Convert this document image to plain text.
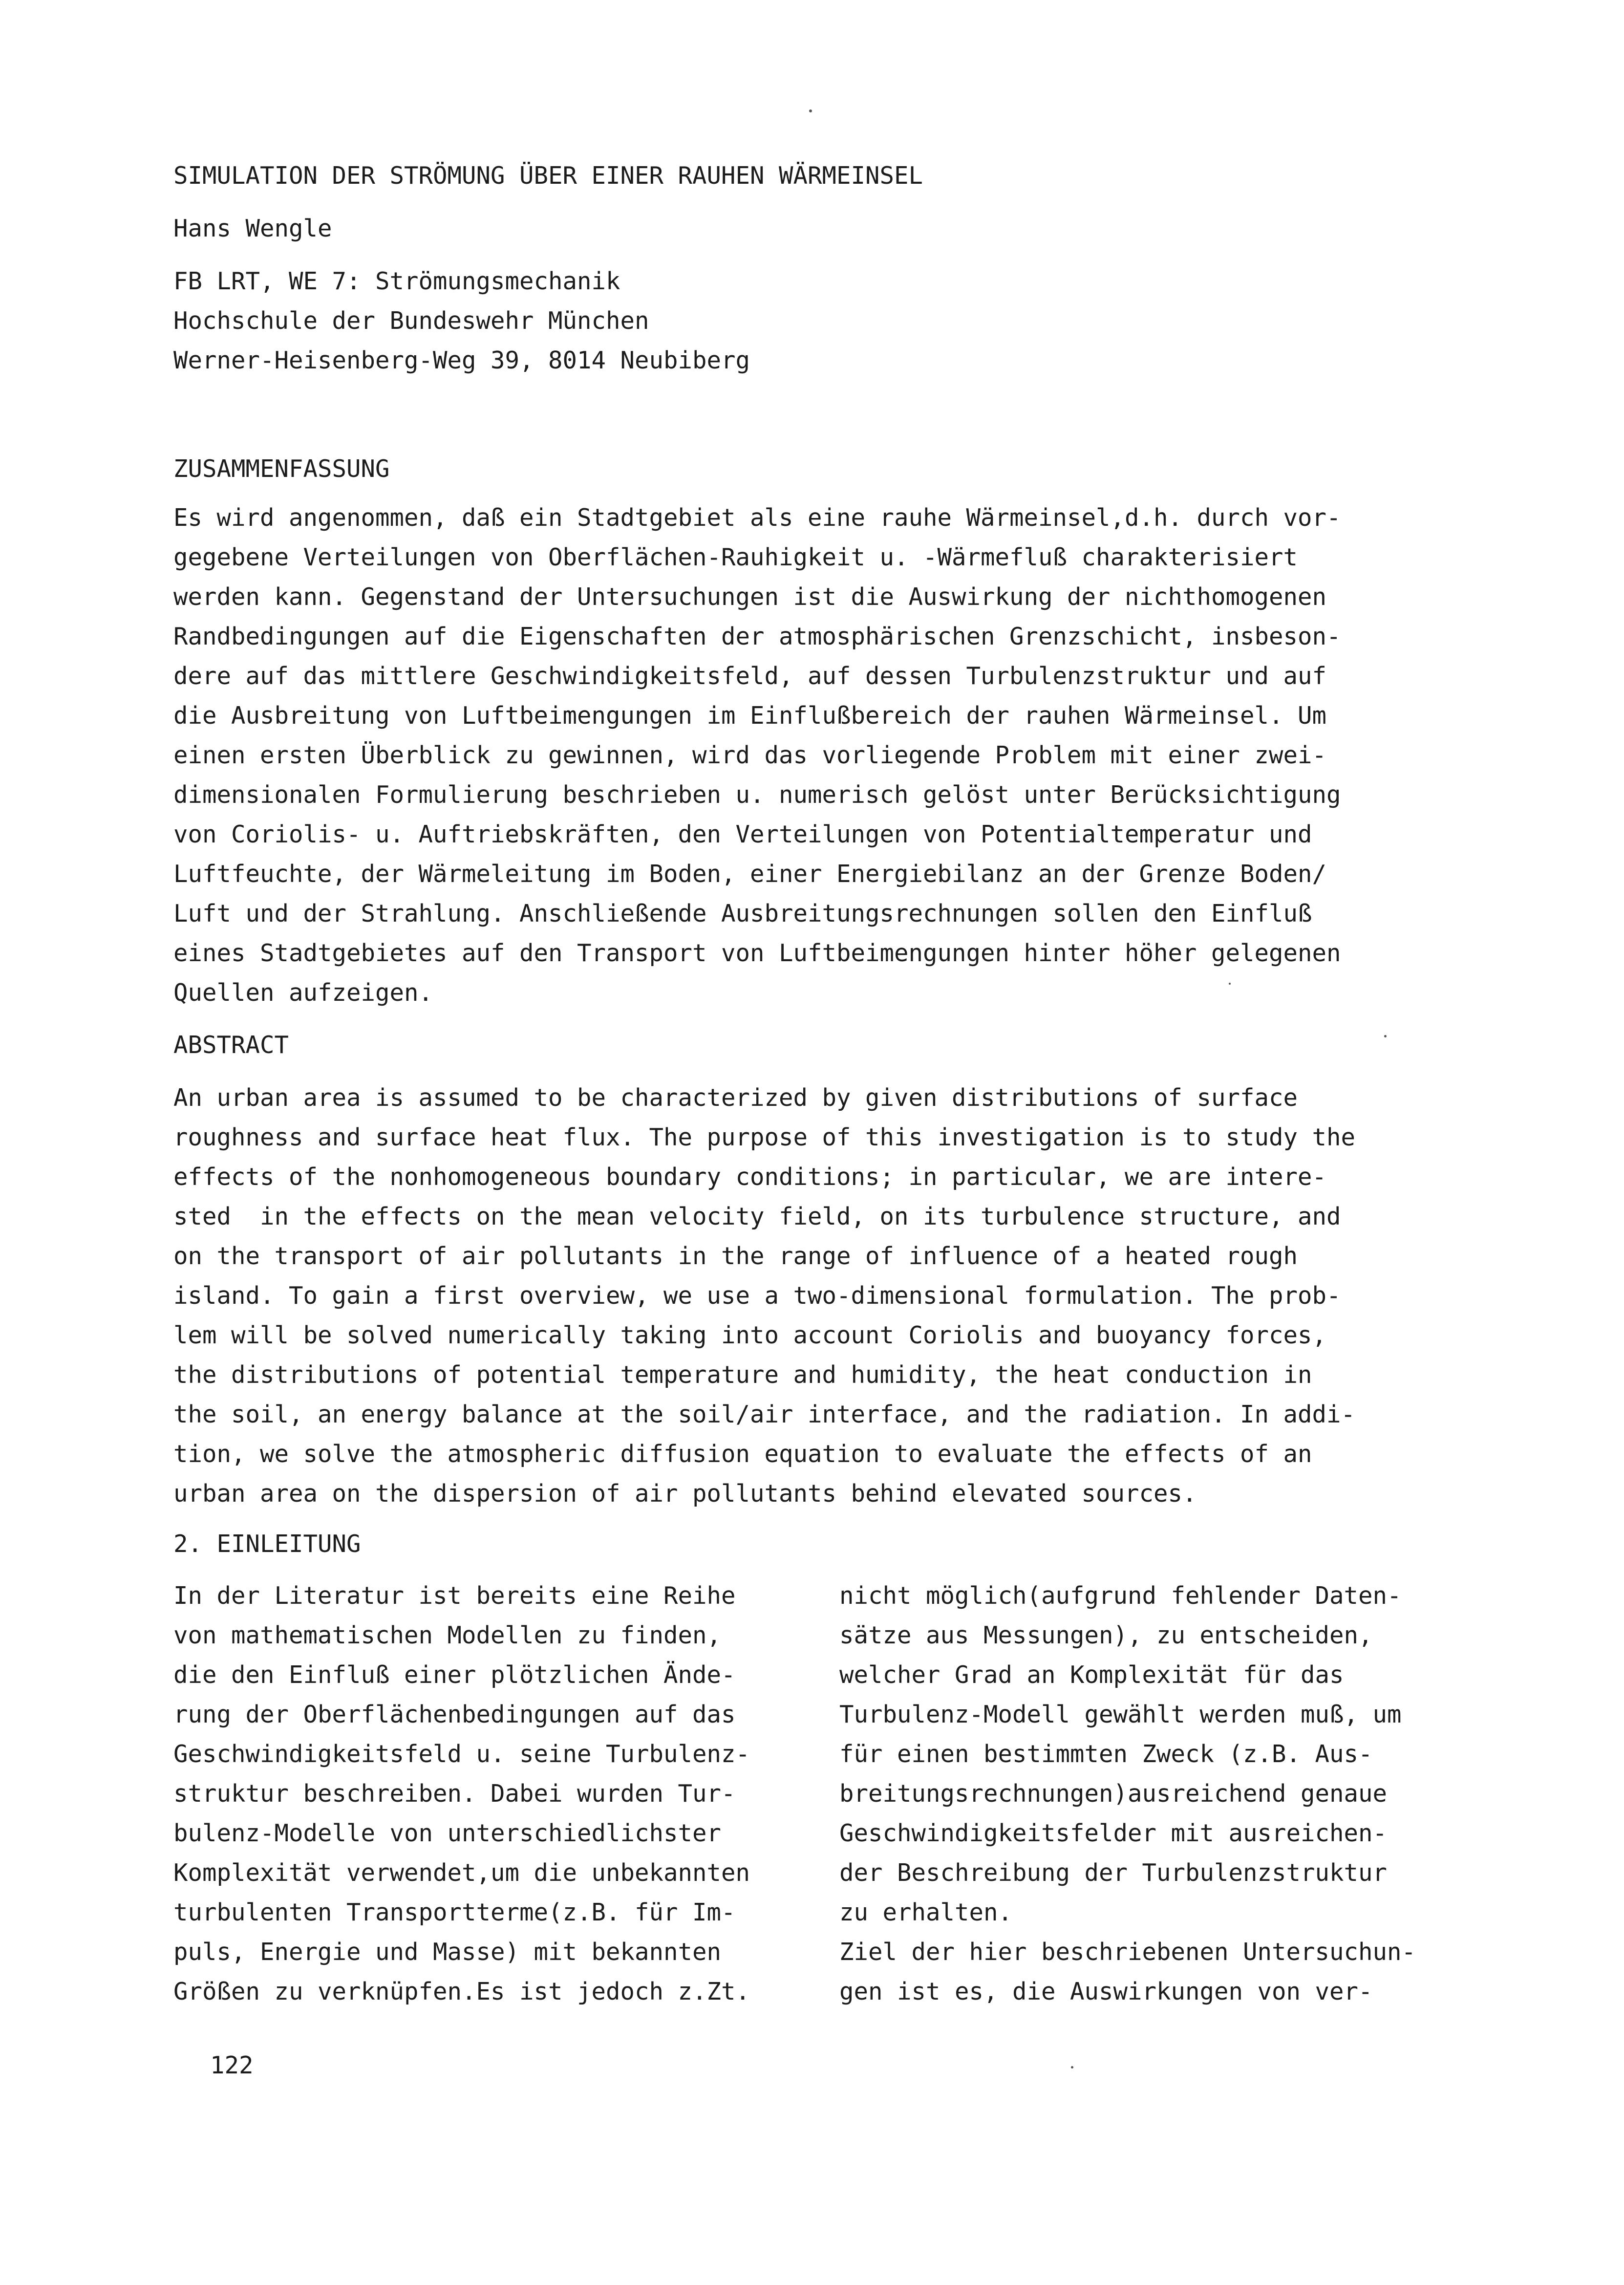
SIMULATION DER STRÖMUNG ÜBER EINER RAUHEN WÄRMEINSEL
Hans Wengle
FB LRT, WE 7: Strömungsmechanik
Hochschule der Bundeswehr München
Werner-Heisenberg-Weg 39, 8014 Neubiberg
ZUSAMMENFASSUNG
Es wird angenommen, daß ein Stadtgebiet als eine rauhe Wärmeinsel,d.h. durch vor-
gegebene Verteilungen von Oberflächen-Rauhigkeit u. -Wärmefluß charakterisiert
werden kann. Gegenstand der Untersuchungen ist die Auswirkung der nichthomogenen
Randbedingungen auf die Eigenschaften der atmosphärischen Grenzschicht, insbeson-
dere auf das mittlere Geschwindigkeitsfeld, auf dessen Turbulenzstruktur und auf
die Ausbreitung von Luftbeimengungen im Einflußbereich der rauhen Wärmeinsel. Um
einen ersten Überblick zu gewinnen, wird das vorliegende Problem mit einer zwei-
dimensionalen Formulierung beschrieben u. numerisch gelöst unter Berücksichtigung
von Coriolis- u. Auftriebskräften, den Verteilungen von Potentialtemperatur und
Luftfeuchte, der Wärmeleitung im Boden, einer Energiebilanz an der Grenze Boden/
Luft und der Strahlung. Anschließende Ausbreitungsrechnungen sollen den Einfluß
eines Stadtgebietes auf den Transport von Luftbeimengungen hinter höher gelegenen
Quellen aufzeigen.
ABSTRACT
An urban area is assumed to be characterized by given distributions of surface
roughness and surface heat flux. The purpose of this investigation is to study the
effects of the nonhomogeneous boundary conditions; in particular, we are intere-
sted  in the effects on the mean velocity field, on its turbulence structure, and
on the transport of air pollutants in the range of influence of a heated rough
island. To gain a first overview, we use a two-dimensional formulation. The prob-
lem will be solved numerically taking into account Coriolis and buoyancy forces,
the distributions of potential temperature and humidity, the heat conduction in
the soil, an energy balance at the soil/air interface, and the radiation. In addi-
tion, we solve the atmospheric diffusion equation to evaluate the effects of an
urban area on the dispersion of air pollutants behind elevated sources.
2. EINLEITUNG
In der Literatur ist bereits eine Reihe
von mathematischen Modellen zu finden,
die den Einfluß einer plötzlichen Ände-
rung der Oberflächenbedingungen auf das
Geschwindigkeitsfeld u. seine Turbulenz-
struktur beschreiben. Dabei wurden Tur-
bulenz-Modelle von unterschiedlichster
Komplexität verwendet,um die unbekannten
turbulenten Transportterme(z.B. für Im-
puls, Energie und Masse) mit bekannten
Größen zu verknüpfen.Es ist jedoch z.Zt.
nicht möglich(aufgrund fehlender Daten-
sätze aus Messungen), zu entscheiden,
welcher Grad an Komplexität für das
Turbulenz-Modell gewählt werden muß, um
für einen bestimmten Zweck (z.B. Aus-
breitungsrechnungen)ausreichend genaue
Geschwindigkeitsfelder mit ausreichen-
der Beschreibung der Turbulenzstruktur
zu erhalten.
Ziel der hier beschriebenen Untersuchun-
gen ist es, die Auswirkungen von ver-
122
